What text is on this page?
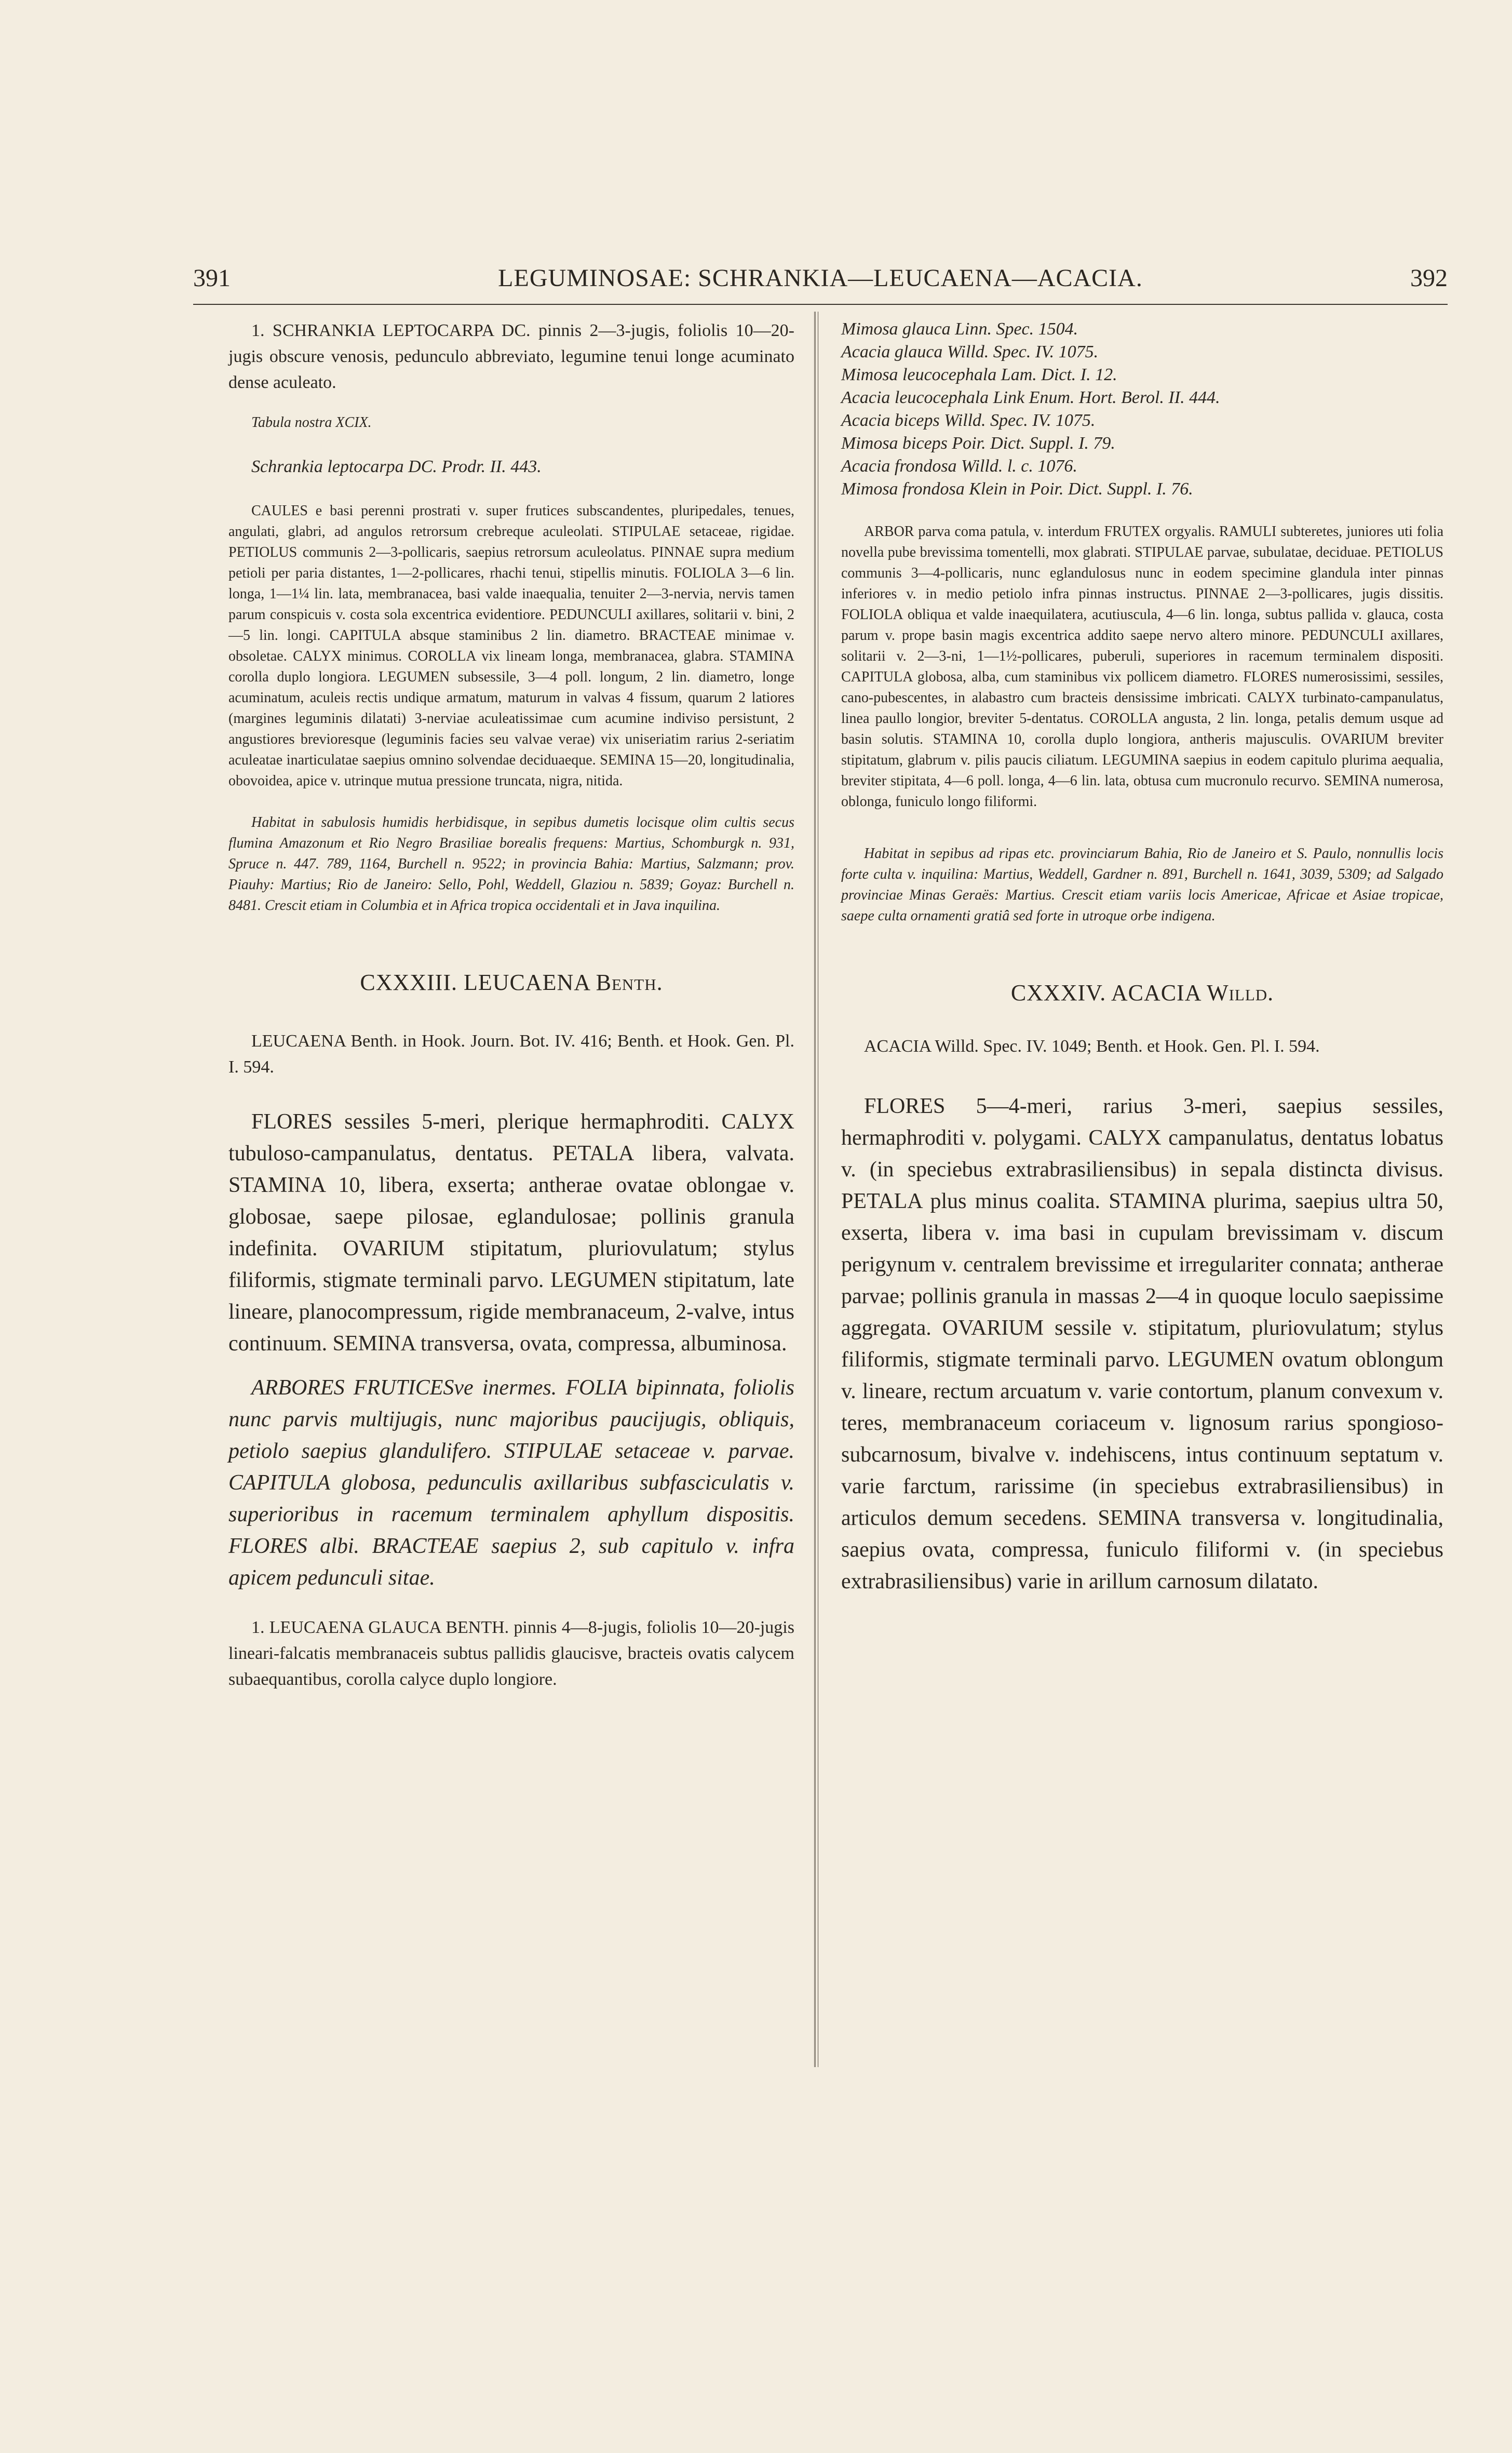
391	LEGUMINOSAE: SCHRANKIA—LEUCAENA—ACACIA.	392

1. SCHRANKIA LEPTOCARPA DC. pinnis 2—3-jugis, foliolis 10—20-jugis obscure venosis, pedunculo abbreviato, legumine tenui longe acuminato dense aculeato.

Tabula nostra XCIX.

Schrankia leptocarpa DC. Prodr. II. 443.

CAULES e basi perenni prostrati v. super frutices subscandentes, pluripedales, tenues, angulati, glabri, ad angulos retrorsum crebreque aculeolati. STIPULAE setaceae, rigidae. PETIOLUS communis 2—3-pollicaris, saepius retrorsum aculeolatus. PINNAE supra medium petioli per paria distantes, 1—2-pollicares, rhachi tenui, stipellis minutis. FOLIOLA 3—6 lin. longa, 1—1¼ lin. lata, membranacea, basi valde inaequalia, tenuiter 2—3-nervia, nervis tamen parum conspicuis v. costa sola excentrica evidentiore. PEDUNCULI axillares, solitarii v. bini, 2—5 lin. longi. CAPITULA absque staminibus 2 lin. diametro. BRACTEAE minimae v. obsoletae. CALYX minimus. COROLLA vix lineam longa, membranacea, glabra. STAMINA corolla duplo longiora. LEGUMEN subsessile, 3—4 poll. longum, 2 lin. diametro, longe acuminatum, aculeis rectis undique armatum, maturum in valvas 4 fissum, quarum 2 latiores (margines leguminis dilatati) 3-nerviae aculeatissimae cum acumine indiviso persistunt, 2 angustiores brevioresque (leguminis facies seu valvae verae) vix uniseriatim rarius 2-seriatim aculeatae inarticulatae saepius omnino solvendae deciduaeque. SEMINA 15—20, longitudinalia, obovoidea, apice v. utrinque mutua pressione truncata, nigra, nitida.

Habitat in sabulosis humidis herbidisque, in sepibus dumetis locisque olim cultis secus flumina Amazonum et Rio Negro Brasiliae borealis frequens: Martius, Schomburgk n. 931, Spruce n. 447. 789, 1164, Burchell n. 9522; in provincia Bahia: Martius, Salzmann; prov. Piauhy: Martius; Rio de Janeiro: Sello, Pohl, Weddell, Glaziou n. 5839; Goyaz: Burchell n. 8481. Crescit etiam in Columbia et in Africa tropica occidentali et in Java inquilina.

CXXXIII. LEUCAENA Benth.

LEUCAENA Benth. in Hook. Journ. Bot. IV. 416; Benth. et Hook. Gen. Pl. I. 594.

FLORES sessiles 5-meri, plerique hermaphroditi. CALYX tubuloso-campanulatus, dentatus. PETALA libera, valvata. STAMINA 10, libera, exserta; antherae ovatae oblongae v. globosae, saepe pilosae, eglandulosae; pollinis granula indefinita. OVARIUM stipitatum, pluriovulatum; stylus filiformis, stigmate terminali parvo. LEGUMEN stipitatum, late lineare, planocompressum, rigide membranaceum, 2-valve, intus continuum. SEMINA transversa, ovata, compressa, albuminosa.

ARBORES FRUTICESve inermes. FOLIA bipinnata, foliolis nunc parvis multijugis, nunc majoribus paucijugis, obliquis, petiolo saepius glandulifero. STIPULAE setaceae v. parvae. CAPITULA globosa, pedunculis axillaribus subfasciculatis v. superioribus in racemum terminalem aphyllum dispositis. FLORES albi. BRACTEAE saepius 2, sub capitulo v. infra apicem pedunculi sitae.

1. LEUCAENA GLAUCA BENTH. pinnis 4—8-jugis, foliolis 10—20-jugis lineari-falcatis membranaceis subtus pallidis glaucisve, bracteis ovatis calycem subaequantibus, corolla calyce duplo longiore.

Mimosa glauca Linn. Spec. 1504.
Acacia glauca Willd. Spec. IV. 1075.
Mimosa leucocephala Lam. Dict. I. 12.
Acacia leucocephala Link Enum. Hort. Berol. II. 444.
Acacia biceps Willd. Spec. IV. 1075.
Mimosa biceps Poir. Dict. Suppl. I. 79.
Acacia frondosa Willd. l. c. 1076.
Mimosa frondosa Klein in Poir. Dict. Suppl. I. 76.

ARBOR parva coma patula, v. interdum FRUTEX orgyalis. RAMULI subteretes, juniores uti folia novella pube brevissima tomentelli, mox glabrati. STIPULAE parvae, subulatae, deciduae. PETIOLUS communis 3—4-pollicaris, nunc eglandulosus nunc in eodem specimine glandula inter pinnas inferiores v. in medio petiolo infra pinnas instructus. PINNAE 2—3-pollicares, jugis dissitis. FOLIOLA obliqua et valde inaequilatera, acutiuscula, 4—6 lin. longa, subtus pallida v. glauca, costa parum v. prope basin magis excentrica addito saepe nervo altero minore. PEDUNCULI axillares, solitarii v. 2—3-ni, 1—1½-pollicares, puberuli, superiores in racemum terminalem dispositi. CAPITULA globosa, alba, cum staminibus vix pollicem diametro. FLORES numerosissimi, sessiles, cano-pubescentes, in alabastro cum bracteis densissime imbricati. CALYX turbinato-campanulatus, linea paullo longior, breviter 5-dentatus. COROLLA angusta, 2 lin. longa, petalis demum usque ad basin solutis. STAMINA 10, corolla duplo longiora, antheris majusculis. OVARIUM breviter stipitatum, glabrum v. pilis paucis ciliatum. LEGUMINA saepius in eodem capitulo plurima aequalia, breviter stipitata, 4—6 poll. longa, 4—6 lin. lata, obtusa cum mucronulo recurvo. SEMINA numerosa, oblonga, funiculo longo filiformi.

Habitat in sepibus ad ripas etc. provinciarum Bahia, Rio de Janeiro et S. Paulo, nonnullis locis forte culta v. inquilina: Martius, Weddell, Gardner n. 891, Burchell n. 1641, 3039, 5309; ad Salgado provinciae Minas Geraës: Martius. Crescit etiam variis locis Americae, Africae et Asiae tropicae, saepe culta ornamenti gratiâ sed forte in utroque orbe indigena.

CXXXIV. ACACIA Willd.

ACACIA Willd. Spec. IV. 1049; Benth. et Hook. Gen. Pl. I. 594.

FLORES 5—4-meri, rarius 3-meri, saepius sessiles, hermaphroditi v. polygami. CALYX campanulatus, dentatus lobatus v. (in speciebus extrabrasiliensibus) in sepala distincta divisus. PETALA plus minus coalita. STAMINA plurima, saepius ultra 50, exserta, libera v. ima basi in cupulam brevissimam v. discum perigynum v. centralem brevissime et irregulariter connata; antherae parvae; pollinis granula in massas 2—4 in quoque loculo saepissime aggregata. OVARIUM sessile v. stipitatum, pluriovulatum; stylus filiformis, stigmate terminali parvo. LEGUMEN ovatum oblongum v. lineare, rectum arcuatum v. varie contortum, planum convexum v. teres, membranaceum coriaceum v. lignosum rarius spongioso-subcarnosum, bivalve v. indehiscens, intus continuum septatum v. varie farctum, rarissime (in speciebus extrabrasiliensibus) in articulos demum secedens. SEMINA transversa v. longitudinalia, saepius ovata, compressa, funiculo filiformi v. (in speciebus extrabrasiliensibus) varie in arillum carnosum dilatato.
